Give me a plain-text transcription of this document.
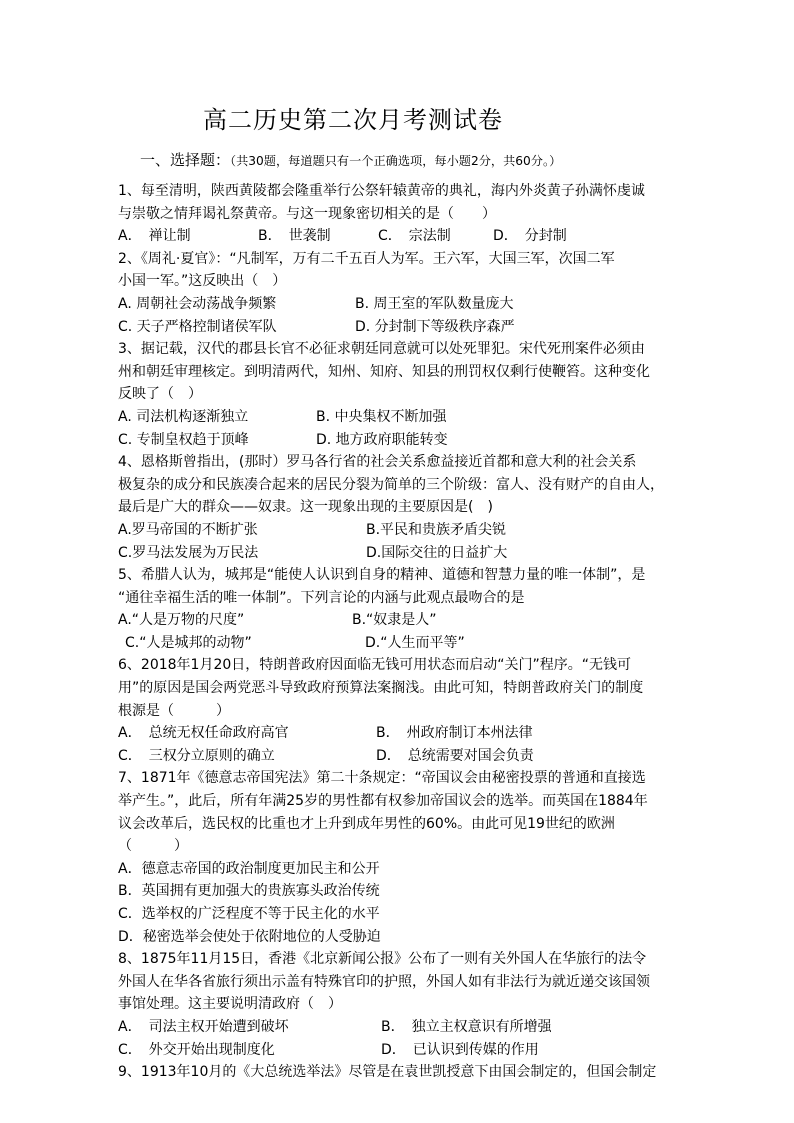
高二历史第二次月考测试卷
一、选择题：（共30题，每道题只有一个正确选项，每小题2分，共60分。）
1、每至清明，陕西黄陵都会隆重举行公祭轩辕黄帝的典礼，海内外炎黄子孙满怀虔诚
与崇敬之情拜谒礼祭黄帝。与这一现象密切相关的是（　　）
A．　禅让制	B．　世袭制	C．　宗法制	D．　分封制
2、《周礼·夏官》：“凡制军，万有二千五百人为军。王六军，大国三军，次国二军
小国一军。”这反映出（　）
A. 周朝社会动荡战争频繁	B. 周王室的军队数量庞大
C. 天子严格控制诸侯军队	D. 分封制下等级秩序森严
3、据记载，汉代的郡县长官不必征求朝廷同意就可以处死罪犯。宋代死刑案件必须由
州和朝廷审理核定。到明清两代，知州、知府、知县的刑罚权仅剩行使鞭笞。这种变化
反映了（　）
A. 司法机构逐渐独立	B. 中央集权不断加强
C. 专制皇权趋于顶峰	D. 地方政府职能转变
4、恩格斯曾指出，(那时）罗马各行省的社会关系愈益接近首都和意大利的社会关系
极复杂的成分和民族凑合起来的居民分裂为简单的三个阶级：富人、没有财产的自由人，
最后是广大的群众——奴隶。这一现象出现的主要原因是(　)
A.罗马帝国的不断扩张	B.平民和贵族矛盾尖锐
C.罗马法发展为万民法	D.国际交往的日益扩大
5、希腊人认为，城邦是“能使人认识到自身的精神、道德和智慧力量的唯一体制”，是
“通往幸福生活的唯一体制”。下列言论的内涵与此观点最吻合的是
A.“人是万物的尺度”	B.“奴隶是人”
C.“人是城邦的动物”	D.“人生而平等”
6、2018年1月20日，特朗普政府因面临无钱可用状态而启动“关门”程序。“无钱可
用”的原因是国会两党恶斗导致政府预算法案搁浅。由此可知，特朗普政府关门的制度
根源是（　　　）
A．　总统无权任命政府高官	B．　州政府制订本州法律
C．　三权分立原则的确立	D．　总统需要对国会负责
7、1871年《德意志帝国宪法》第二十条规定：“帝国议会由秘密投票的普通和直接选
举产生。”，此后，所有年满25岁的男性都有权参加帝国议会的选举。而英国在1884年
议会改革后，选民权的比重也才上升到成年男性的60%。由此可见19世纪的欧洲
（　　　）
A．德意志帝国的政治制度更加民主和公开
B．英国拥有更加强大的贵族寡头政治传统
C．选举权的广泛程度不等于民主化的水平
D．秘密选举会使处于依附地位的人受胁迫
8、1875年11月15日，香港《北京新闻公报》公布了一则有关外国人在华旅行的法令
外国人在华各省旅行须出示盖有特殊官印的护照，外国人如有非法行为就近递交该国领
事馆处理。这主要说明清政府（　）
A．　司法主权开始遭到破坏	B．　独立主权意识有所增强
C．　外交开始出现制度化	D．　已认识到传媒的作用
9、1913年10月的《大总统选举法》尽管是在袁世凯授意下由国会制定的，但国会制定
